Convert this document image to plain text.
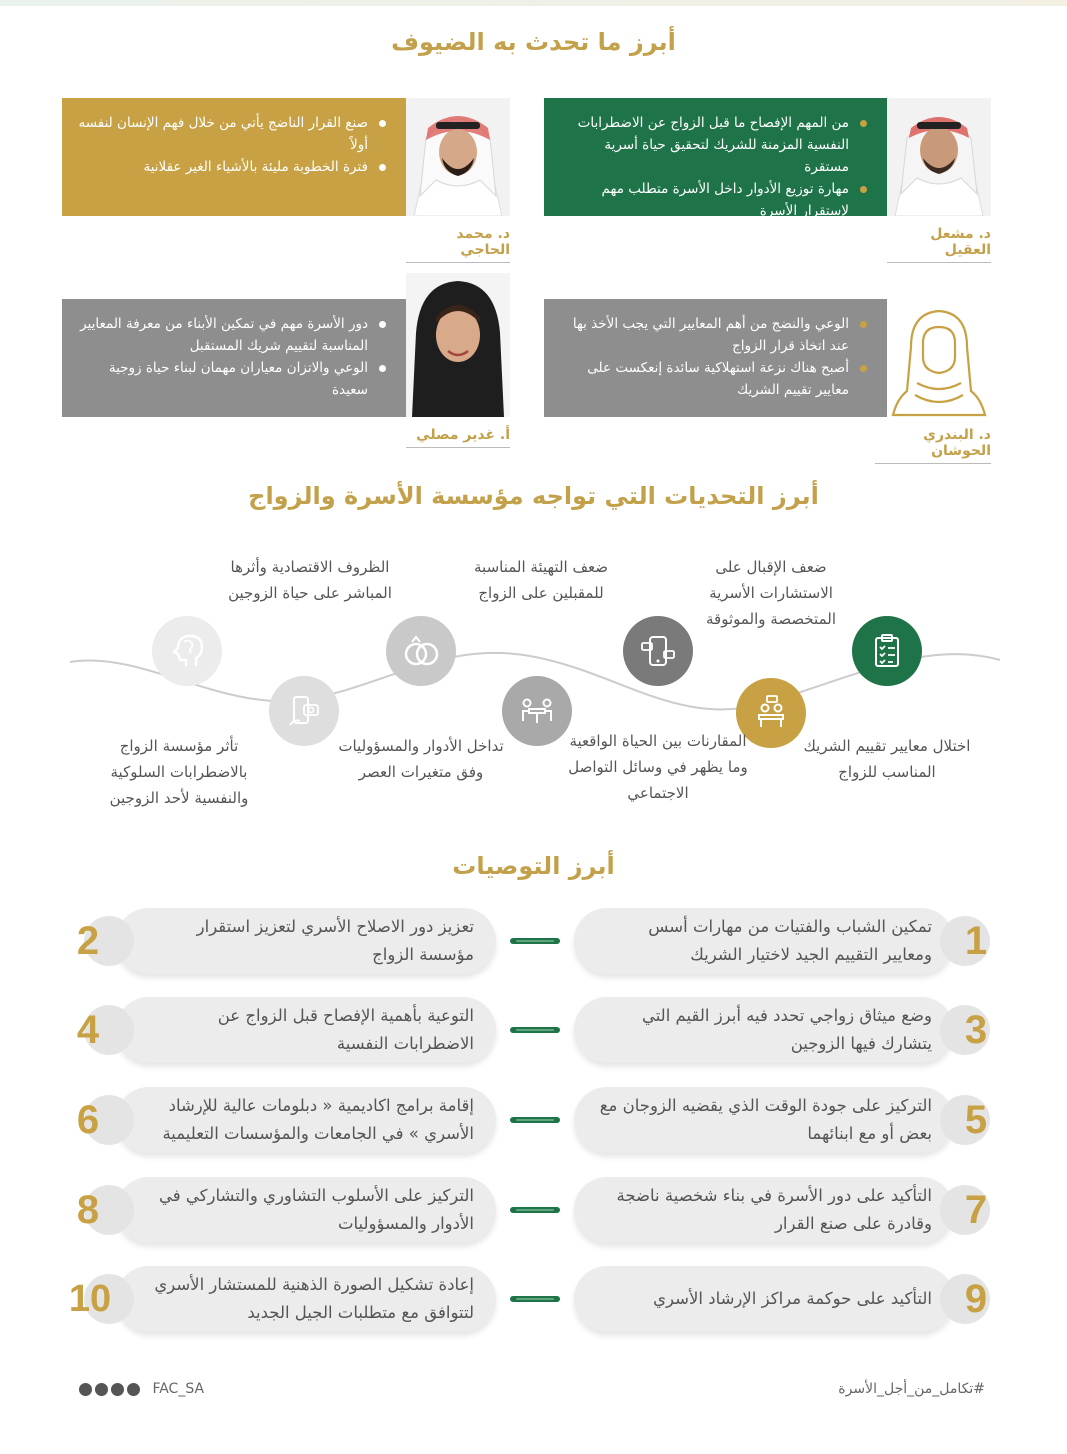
أبرز ما تحدث به الضيوف
من المهم الإفصاح ما قبل الزواج عن الاضطرابات النفسية المزمنة للشريك لتحقيق حياة أسرية مستقرة
مهارة توزيع الأدوار داخل الأسرة متطلب مهم لإستقرار الأسرة
د. مشعل العقيل
صنع القرار الناضج يأتي من خلال فهم الإنسان لنفسه أولاً
فترة الخطوبة مليئة بالأشياء الغير عقلانية
د. محمد الحاجي
الوعي والنضج من أهم المعايير التي يجب الأخذ بها عند اتخاذ قرار الزواج
أصبح هناك نزعة استهلاكية سائدة إنعكست على معايير تقييم الشريك
د. البندري الحوشان
دور الأسرة مهم في تمكين الأبناء من معرفة المعايير المناسبة لتقييم شريك المستقبل
الوعي والاتزان معياران مهمان لبناء حياة زوجية سعيدة
أ. غدير مصلي
أبرز التحديات التي تواجه مؤسسة الأسرة والزواج
اختلال معايير تقييم الشريك المناسب للزواج
ضعف الإقبال على الاستشارات الأسرية المتخصصة والموثوقة
المقارنات بين الحياة الواقعية وما يظهر في وسائل التواصل الاجتماعي
ضعف التهيئة المناسبة للمقبلين على الزواج
تداخل الأدوار والمسؤوليات وفق متغيرات العصر
الظروف الاقتصادية وأثرها المباشر على حياة الزوجين
تأثر مؤسسة الزواج بالاضطرابات السلوكية والنفسية لأحد الزوجين
أبرز التوصيات
تمكين الشباب والفتيات من مهارات أسس ومعايير التقييم الجيد لاختيار الشريك 1
تعزيز دور الاصلاح الأسري لتعزيز استقرار مؤسسة الزواج
2
وضع ميثاق زواجي تحدد فيه أبرز القيم التي يتشارك فيها الزوجين 3
التوعية بأهمية الإفصاح قبل الزواج عن الاضطرابات النفسية
4
التركيز على جودة الوقت الذي يقضيه الزوجان مع بعض أو مع ابنائهما 5
إقامة برامج اكاديمية « دبلومات عالية للإرشاد الأسري » في الجامعات والمؤسسات التعليمية
6
التأكيد على دور الأسرة في بناء شخصية ناضجة وقادرة على صنع القرار 7
التركيز على الأسلوب التشاوري والتشاركي في الأدوار والمسؤوليات
8
التأكيد على حوكمة مراكز الإرشاد الأسري 9
إعادة تشكيل الصورة الذهنية للمستشار الأسري لتتوافق مع متطلبات الجيل الجديد
10
#تكامل_من_أجل_الأسرة
FAC_SA
